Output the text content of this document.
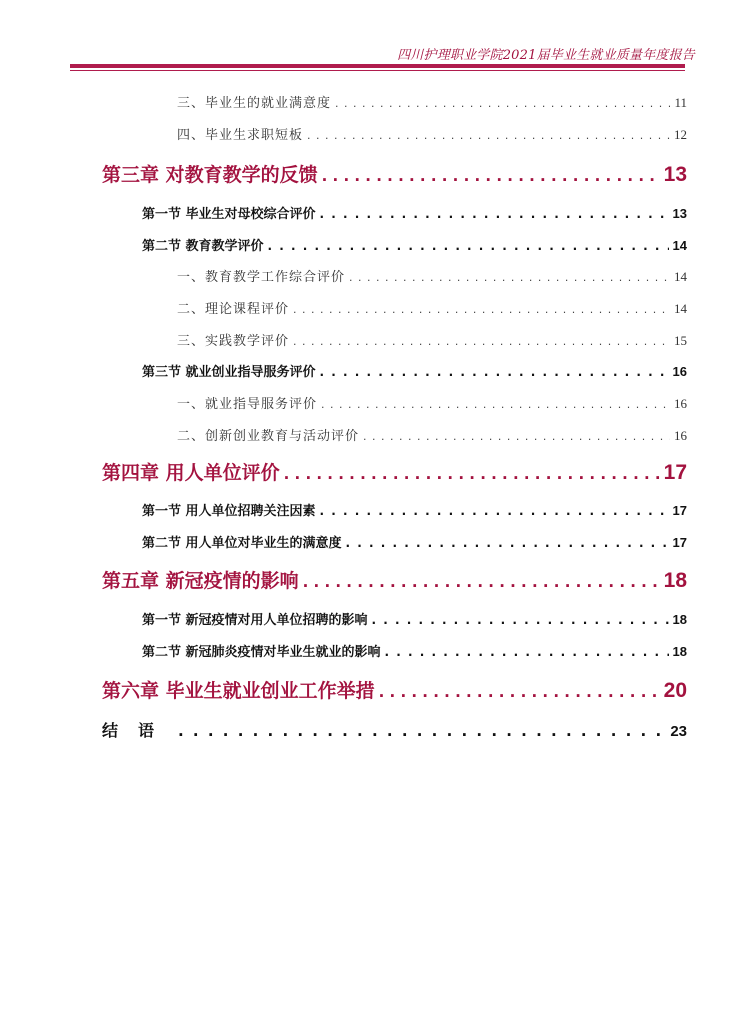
四川护理职业学院2021届毕业生就业质量年度报告
三、毕业生的就业满意度 . . .	11
四、毕业生求职短板 . . .	12
第三章 对教育教学的反馈 . . .	13
第一节 毕业生对母校综合评价 . . .	13
第二节 教育教学评价 . . .	14
一、教育教学工作综合评价 . . .	14
二、理论课程评价 . . .	14
三、实践教学评价 . . .	15
第三节 就业创业指导服务评价 . . .	16
一、就业指导服务评价 . . .	16
二、创新创业教育与活动评价 . . .	16
第四章 用人单位评价 . . .	17
第一节 用人单位招聘关注因素 . . .	17
第二节 用人单位对毕业生的满意度 . . .	17
第五章 新冠疫情的影响 . . .	18
第一节 新冠疫情对用人单位招聘的影响 . . .	18
第二节 新冠肺炎疫情对毕业生就业的影响 . . .	18
第六章 毕业生就业创业工作举措 . . .	20
结语 . . .	23
